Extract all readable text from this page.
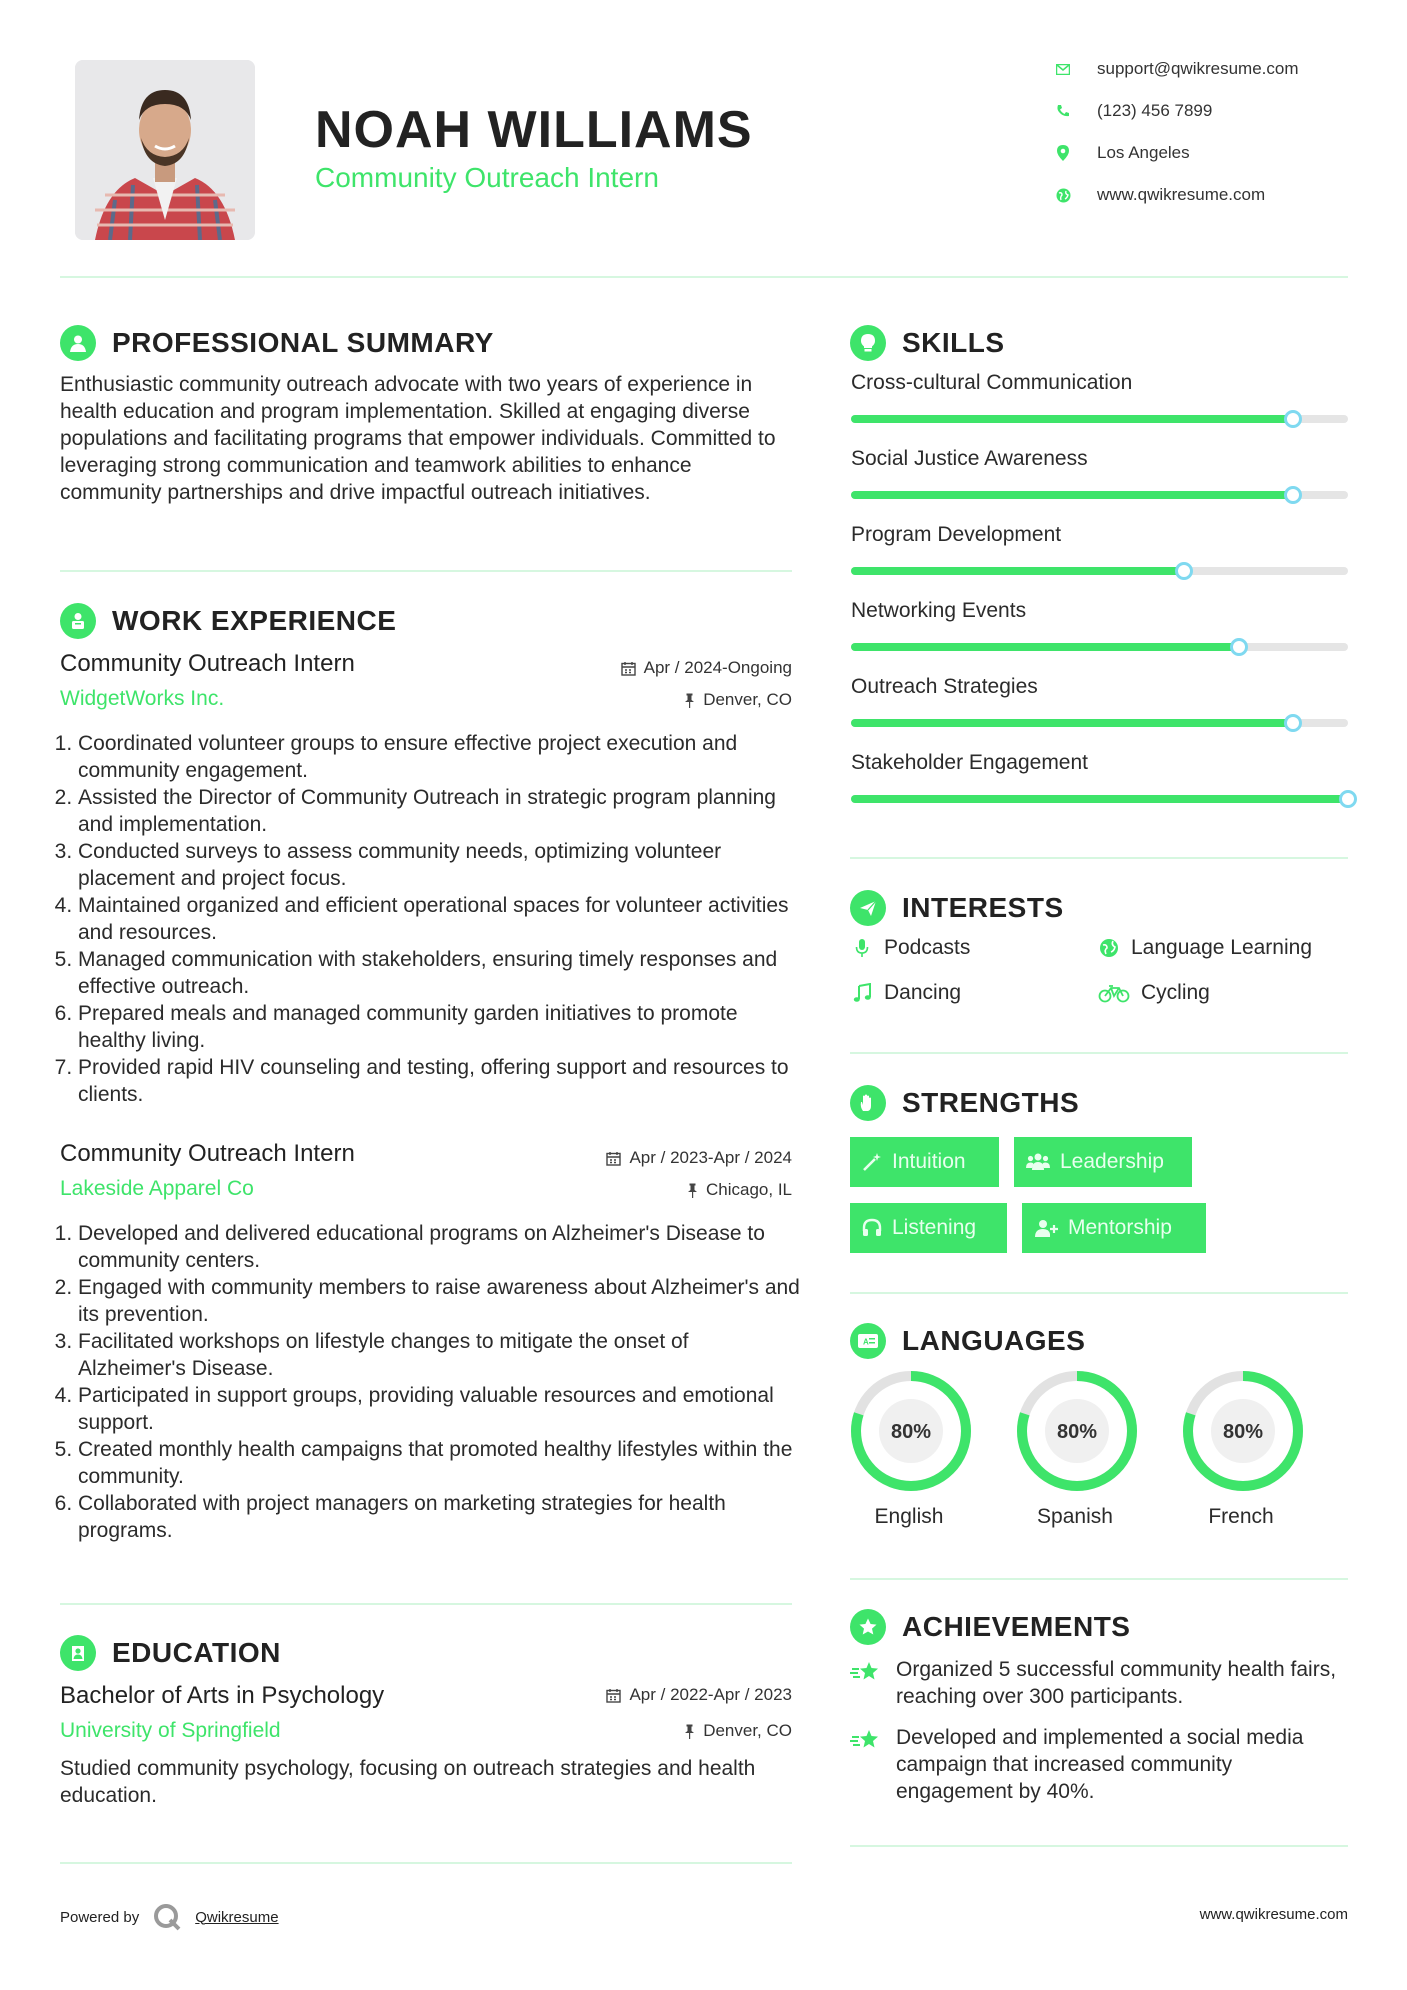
NOAH WILLIAMS
Community Outreach Intern
support@qwikresume.com
(123) 456 7899
Los Angeles
www.qwikresume.com
PROFESSIONAL SUMMARY
Enthusiastic community outreach advocate with two years of experience in health education and program implementation. Skilled at engaging diverse populations and facilitating programs that empower individuals. Committed to leveraging strong communication and teamwork abilities to enhance community partnerships and drive impactful outreach initiatives.
WORK EXPERIENCE
Community Outreach Intern	Apr / 2024-Ongoing
WidgetWorks Inc.	Denver, CO
1. Coordinated volunteer groups to ensure effective project execution and community engagement.
2. Assisted the Director of Community Outreach in strategic program planning and implementation.
3. Conducted surveys to assess community needs, optimizing volunteer placement and project focus.
4. Maintained organized and efficient operational spaces for volunteer activities and resources.
5. Managed communication with stakeholders, ensuring timely responses and effective outreach.
6. Prepared meals and managed community garden initiatives to promote healthy living.
7. Provided rapid HIV counseling and testing, offering support and resources to clients.
Community Outreach Intern	Apr / 2023-Apr / 2024
Lakeside Apparel Co	Chicago, IL
1. Developed and delivered educational programs on Alzheimer's Disease to community centers.
2. Engaged with community members to raise awareness about Alzheimer's and its prevention.
3. Facilitated workshops on lifestyle changes to mitigate the onset of Alzheimer's Disease.
4. Participated in support groups, providing valuable resources and emotional support.
5. Created monthly health campaigns that promoted healthy lifestyles within the community.
6. Collaborated with project managers on marketing strategies for health programs.
EDUCATION
Bachelor of Arts in Psychology	Apr / 2022-Apr / 2023
University of Springfield	Denver, CO
Studied community psychology, focusing on outreach strategies and health education.
SKILLS
Cross-cultural Communication
Social Justice Awareness
Program Development
Networking Events
Outreach Strategies
Stakeholder Engagement
INTERESTS
Podcasts	Language Learning
Dancing	Cycling
STRENGTHS
Intuition	Leadership
Listening	Mentorship
A LANGUAGES
80%
English
80%
Spanish
80%
French
ACHIEVEMENTS
Organized 5 successful community health fairs, reaching over 300 participants.
Developed and implemented a social media campaign that increased community engagement by 40%.
Powered by	Qwikresume	www.qwikresume.com
